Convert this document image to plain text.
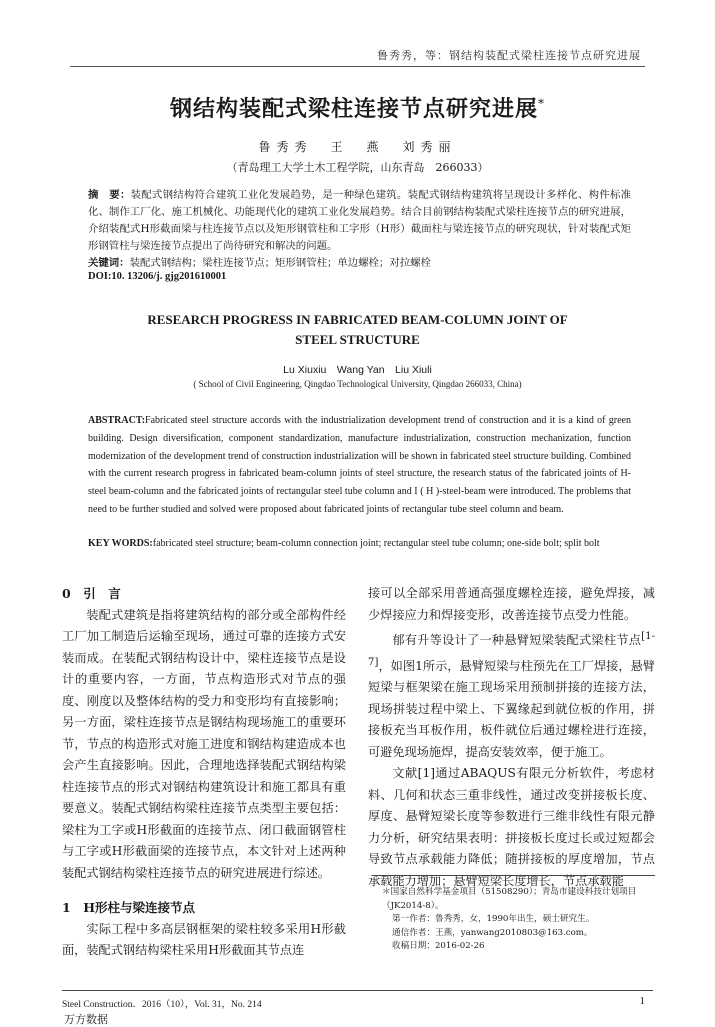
鲁秀秀，等：钢结构装配式梁柱连接节点研究进展
钢结构装配式梁柱连接节点研究进展*
鲁秀秀　王　燕　刘秀丽
（青岛理工大学土木工程学院，山东青岛　266033）
摘　要：装配式钢结构符合建筑工业化发展趋势，是一种绿色建筑。装配式钢结构建筑将呈现设计多样化、构件标准化、制作工厂化、施工机械化、功能现代化的建筑工业化发展趋势。结合目前钢结构装配式梁柱连接节点的研究进展，介绍装配式H形截面梁与柱连接节点以及矩形钢管柱和工字形（H形）截面柱与梁连接节点的研究现状，针对装配式矩形钢管柱与梁连接节点提出了尚待研究和解决的问题。
关键词：装配式钢结构；梁柱连接节点；矩形钢管柱；单边螺栓；对拉螺栓
DOI:10. 13206/j. gjg201610001
RESEARCH PROGRESS IN FABRICATED BEAM-COLUMN JOINT OF
STEEL STRUCTURE
Lu Xiuxiu　Wang Yan　Liu Xiuli
( School of Civil Engineering, Qingdao Technological University, Qingdao 266033, China)
ABSTRACT:Fabricated steel structure accords with the industrialization development trend of construction and it is a kind of green building. Design diversification, component standardization, manufacture industrialization, construction mechanization, function modernization of the development trend of construction industrialization will be shown in fabricated steel structure building. Combined with the current research progress in fabricated beam-column joints of steel structure, the research status of the fabricated joints of H-steel beam-column and the fabricated joints of rectangular steel tube column and I ( H )-steel-beam were introduced. The problems that need to be further studied and solved were proposed about fabricated joints of rectangular tube steel column and beam.
KEY WORDS:fabricated steel structure; beam-column connection joint; rectangular steel tube column; one-side bolt; split bolt
0　引　言

装配式建筑是指将建筑结构的部分或全部构件经工厂加工制造后运输至现场，通过可靠的连接方式安装而成。在装配式钢结构设计中，梁柱连接节点是设计的重要内容，一方面，节点构造形式对节点的强度、刚度以及整体结构的受力和变形均有直接影响；另一方面，梁柱连接节点是钢结构现场施工的重要环节，节点的构造形式对施工进度和钢结构建造成本也会产生直接影响。因此，合理地选择装配式钢结构梁柱连接节点的形式对钢结构建筑设计和施工都具有重要意义。装配式钢结构梁柱连接节点类型主要包括：梁柱为工字或H形截面的连接节点、闭口截面钢管柱与工字或H形截面梁的连接节点，本文针对上述两种装配式钢结构梁柱连接节点的研究进展进行综述。

1　H形柱与梁连接节点

实际工程中多高层钢框架的梁柱较多采用H形截面，装配式钢结构梁柱采用H形截面其节点连

接可以全部采用普通高强度螺栓连接，避免焊接，减少焊接应力和焊接变形，改善连接节点受力性能。

郁有升等设计了一种悬臂短梁装配式梁柱节点[1-7]，如图1所示，悬臂短梁与柱预先在工厂焊接，悬臂短梁与框架梁在施工现场采用预制拼接的连接方法，现场拼装过程中梁上、下翼缘起到就位板的作用，拼接板充当耳板作用，板件就位后通过螺栓进行连接，可避免现场施焊，提高安装效率，便于施工。

文献[1]通过ABAQUS有限元分析软件，考虑材料、几何和状态三重非线性，通过改变拼接板长度、厚度、悬臂短梁长度等参数进行三维非线性有限元静力分析，研究结果表明：拼接板长度过长或过短都会导致节点承载能力降低；随拼接板的厚度增加，节点承载能力增加；悬臂短梁长度增长，节点承载能

＊国家自然科学基金项目（51508290）；青岛市建设科技计划项目（JK2014-8）。

第一作者：鲁秀秀，女，1990年出生，硕士研究生。

通信作者：王燕，yanwang2010803@163.com。

收稿日期：2016-02-26

Steel Construction．2016（10），Vol. 31，No. 214	1
万方数据
